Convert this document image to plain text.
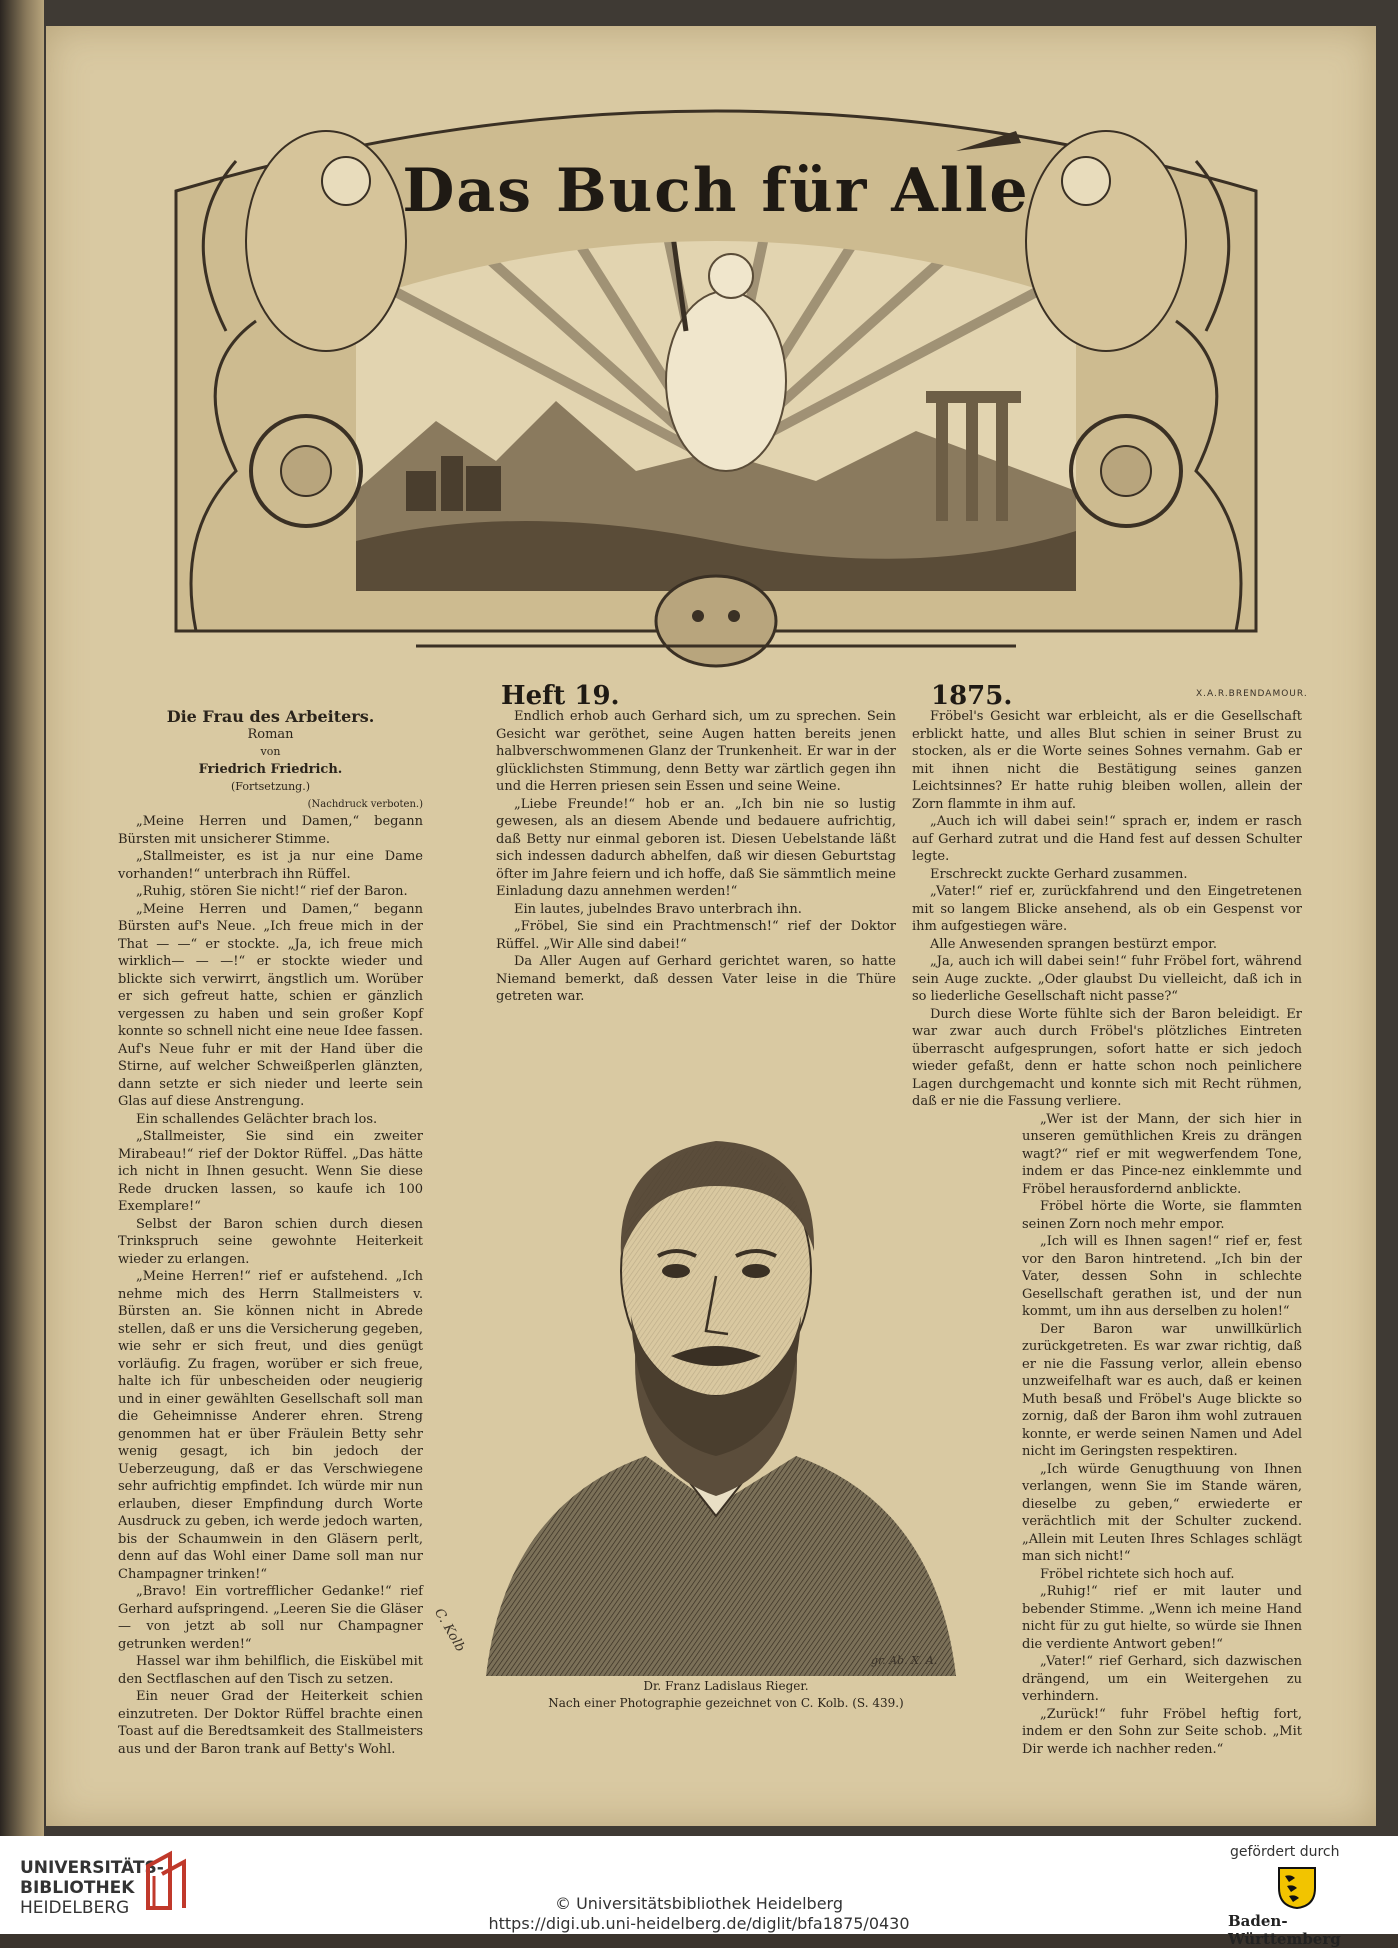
Das Buch für Alle
Heft 19.	1875.	X.A.R.BRENDAMOUR.

Die Frau des Arbeiters.

Roman

von

Friedrich Friedrich.

(Fortsetzung.)

(Nachdruck verboten.)

„Meine Herren und Damen,“ begann Bürsten mit unsicherer Stimme.

„Stallmeister, es ist ja nur eine Dame vorhanden!“ unterbrach ihn Rüffel.

„Ruhig, stören Sie nicht!“ rief der Baron.

„Meine Herren und Damen,“ begann Bürsten auf's Neue. „Ich freue mich in der That — —“ er stockte. „Ja, ich freue mich wirklich— — —!“ er stockte wieder und blickte sich verwirrt, ängstlich um. Worüber er sich gefreut hatte, schien er gänzlich vergessen zu haben und sein großer Kopf konnte so schnell nicht eine neue Idee fassen. Auf's Neue fuhr er mit der Hand über die Stirne, auf welcher Schweißperlen glänzten, dann setzte er sich nieder und leerte sein Glas auf diese Anstrengung.

Ein schallendes Gelächter brach los.

„Stallmeister, Sie sind ein zweiter Mirabeau!“ rief der Doktor Rüffel. „Das hätte ich nicht in Ihnen gesucht. Wenn Sie diese Rede drucken lassen, so kaufe ich 100 Exemplare!“

Selbst der Baron schien durch diesen Trinkspruch seine gewohnte Heiterkeit wieder zu erlangen.

„Meine Herren!“ rief er aufstehend. „Ich nehme mich des Herrn Stallmeisters v. Bürsten an. Sie können nicht in Abrede stellen, daß er uns die Versicherung gegeben, wie sehr er sich freut, und dies genügt vorläufig. Zu fragen, worüber er sich freue, halte ich für unbescheiden oder neugierig und in einer gewählten Gesellschaft soll man die Geheimnisse Anderer ehren. Streng genommen hat er über Fräulein Betty sehr wenig gesagt, ich bin jedoch der Ueberzeugung, daß er das Verschwiegene sehr aufrichtig empfindet. Ich würde mir nun erlauben, dieser Empfindung durch Worte Ausdruck zu geben, ich werde jedoch warten, bis der Schaumwein in den Gläsern perlt, denn auf das Wohl einer Dame soll man nur Champagner trinken!“

„Bravo! Ein vortrefflicher Gedanke!“ rief Gerhard aufspringend. „Leeren Sie die Gläser — von jetzt ab soll nur Champagner getrunken werden!“

Hassel war ihm behilflich, die Eiskübel mit den Sectflaschen auf den Tisch zu setzen.

Ein neuer Grad der Heiterkeit schien einzutreten. Der Doktor Rüffel brachte einen Toast auf die Beredtsamkeit des Stallmeisters aus und der Baron trank auf Betty's Wohl.

Endlich erhob auch Gerhard sich, um zu sprechen. Sein Gesicht war geröthet, seine Augen hatten bereits jenen halbverschwommenen Glanz der Trunkenheit. Er war in der glücklichsten Stimmung, denn Betty war zärtlich gegen ihn und die Herren priesen sein Essen und seine Weine.

„Liebe Freunde!“ hob er an. „Ich bin nie so lustig gewesen, als an diesem Abende und bedauere aufrichtig, daß Betty nur einmal geboren ist. Diesen Uebelstande läßt sich indessen dadurch abhelfen, daß wir diesen Geburtstag öfter im Jahre feiern und ich hoffe, daß Sie sämmtlich meine Einladung dazu annehmen werden!“

Ein lautes, jubelndes Bravo unterbrach ihn.

„Fröbel, Sie sind ein Prachtmensch!“ rief der Doktor Rüffel. „Wir Alle sind dabei!“

Da Aller Augen auf Gerhard gerichtet waren, so hatte Niemand bemerkt, daß dessen Vater leise in die Thüre getreten war.

Fröbel's Gesicht war erbleicht, als er die Gesellschaft erblickt hatte, und alles Blut schien in seiner Brust zu stocken, als er die Worte seines Sohnes vernahm. Gab er mit ihnen nicht die Bestätigung seines ganzen Leichtsinnes? Er hatte ruhig bleiben wollen, allein der Zorn flammte in ihm auf.

„Auch ich will dabei sein!“ sprach er, indem er rasch auf Gerhard zutrat und die Hand fest auf dessen Schulter legte.

Erschreckt zuckte Gerhard zusammen.

„Vater!“ rief er, zurückfahrend und den Eingetretenen mit so langem Blicke ansehend, als ob ein Gespenst vor ihm aufgestiegen wäre.

Alle Anwesenden sprangen bestürzt empor.

„Ja, auch ich will dabei sein!“ fuhr Fröbel fort, während sein Auge zuckte. „Oder glaubst Du vielleicht, daß ich in so liederliche Gesellschaft nicht passe?“

Durch diese Worte fühlte sich der Baron beleidigt. Er war zwar auch durch Fröbel's plötzliches Eintreten überrascht aufgesprungen, sofort hatte er sich jedoch wieder gefaßt, denn er hatte schon noch peinlichere Lagen durchgemacht und konnte sich mit Recht rühmen, daß er nie die Fassung verliere.

„Wer ist der Mann, der sich hier in unseren gemüthlichen Kreis zu drängen wagt?“ rief er mit wegwerfendem Tone, indem er das Pince-nez einklemmte und Fröbel herausfordernd anblickte.

Fröbel hörte die Worte, sie flammten seinen Zorn noch mehr empor.

„Ich will es Ihnen sagen!“ rief er, fest vor den Baron hintretend. „Ich bin der Vater, dessen Sohn in schlechte Gesellschaft gerathen ist, und der nun kommt, um ihn aus derselben zu holen!“

Der Baron war unwillkürlich zurückgetreten. Es war zwar richtig, daß er nie die Fassung verlor, allein ebenso unzweifelhaft war es auch, daß er keinen Muth besaß und Fröbel's Auge blickte so zornig, daß der Baron ihm wohl zutrauen konnte, er werde seinen Namen und Adel nicht im Geringsten respektiren.

„Ich würde Genugthuung von Ihnen verlangen, wenn Sie im Stande wären, dieselbe zu geben,“ erwiederte er verächtlich mit der Schulter zuckend. „Allein mit Leuten Ihres Schlages schlägt man sich nicht!“

Fröbel richtete sich hoch auf.

„Ruhig!“ rief er mit lauter und bebender Stimme. „Wenn ich meine Hand nicht für zu gut hielte, so würde sie Ihnen die verdiente Antwort geben!“

„Vater!“ rief Gerhard, sich dazwischen drängend, um ein Weitergehen zu verhindern.

„Zurück!“ fuhr Fröbel heftig fort, indem er den Sohn zur Seite schob. „Mit Dir werde ich nachher reden.“

C. Kolb
gr. Ab. X. A.
Dr. Franz Ladislaus Rieger.
Nach einer Photographie gezeichnet von C. Kolb. (S. 439.)
UNIVERSITÄTS-
BIBLIOTHEK
HEIDELBERG	© Universitätsbibliothek Heidelberg
https://digi.ub.uni-heidelberg.de/diglit/bfa1875/0430
gefördert durch
Baden-Württemberg
